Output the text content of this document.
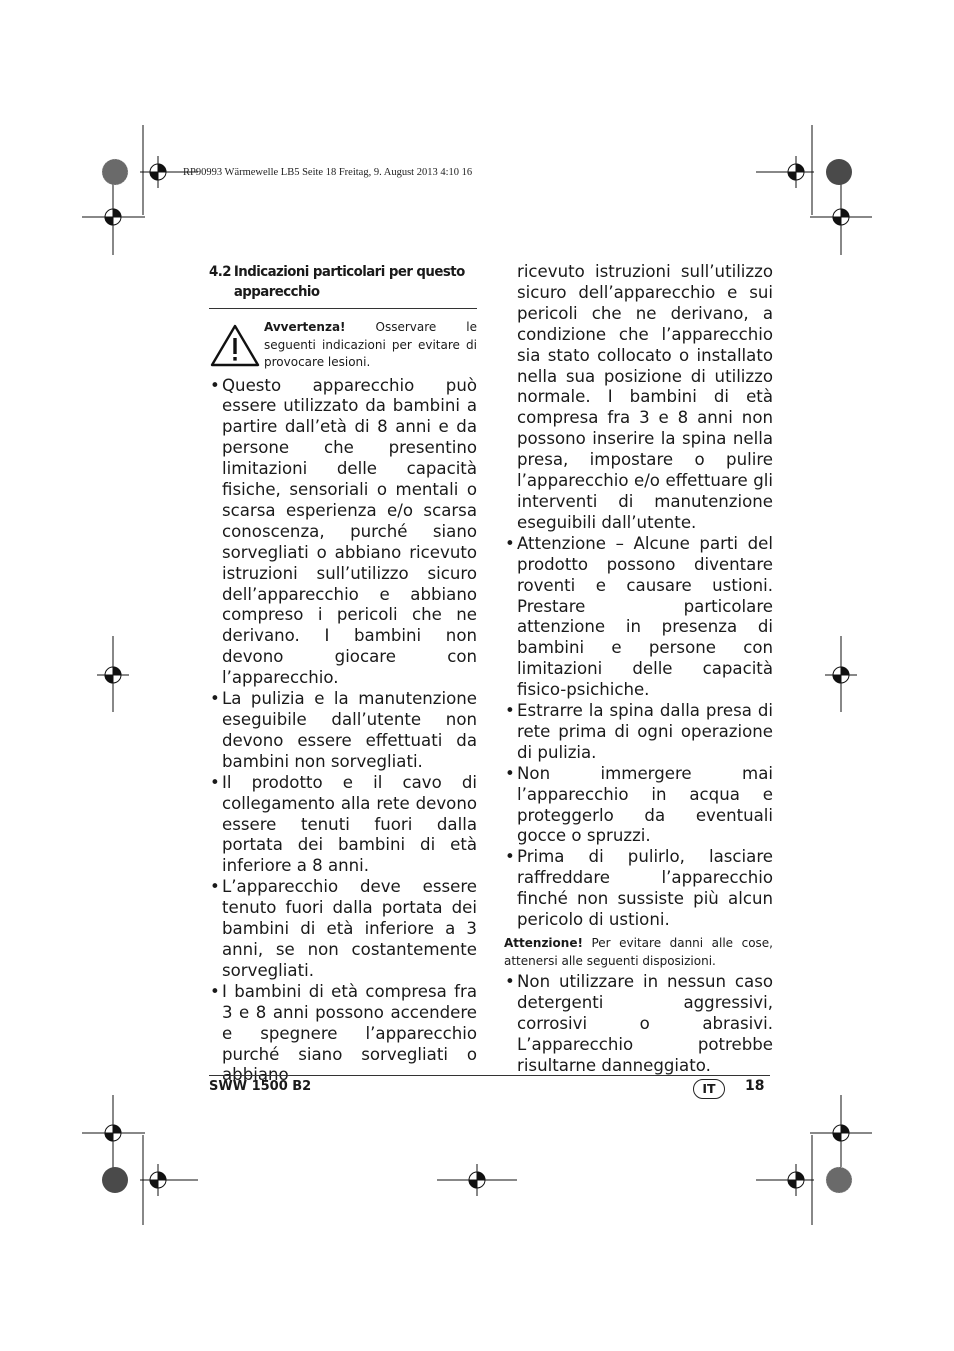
RP90993 Wärmewelle LB5 Seite 18 Freitag, 9. August 2013 4:10 16
4.2 Indicazioni particolari per questo
apparecchio
Avvertenza! Osservare le seguenti indicazioni per evitare di provocare lesioni.

• Questo apparecchio può essere utilizzato da bambini a partire dall’età di 8 anni e da persone che presentino limitazioni delle capacità fisiche, sensoriali o mentali o scarsa esperienza e/o scarsa conoscenza, purché siano sorvegliati o abbiano ricevuto istruzioni sull’utilizzo sicuro dell’apparecchio e abbiano compreso i pericoli che ne derivano. I bambini non devono giocare con l’apparecchio.

• La pulizia e la manutenzione eseguibile dall’utente non devono essere effettuati da bambini non sorvegliati.

• Il prodotto e il cavo di collegamento alla rete devono essere tenuti fuori dalla portata dei bambini di età inferiore a 8 anni.

• L’apparecchio deve essere tenuto fuori dalla portata dei bambini di età inferiore a 3 anni, se non costantemente sorvegliati.

• I bambini di età compresa fra 3 e 8 anni possono accendere e spegnere l’apparecchio purché siano sorvegliati o abbiano

ricevuto istruzioni sull’utilizzo sicuro dell’apparecchio e sui pericoli che ne derivano, a condizione che l’apparecchio sia stato collocato o installato nella sua posizione di utilizzo normale. I bambini di età compresa fra 3 e 8 anni non possono inserire la spina nella presa, impostare o pulire l’apparecchio e/o effettuare gli interventi di manutenzione eseguibili dall’utente.

• Attenzione – Alcune parti del prodotto possono diventare roventi e causare ustioni. Prestare particolare attenzione in presenza di bambini e persone con limitazioni delle capacità fisico-psichiche.

• Estrarre la spina dalla presa di rete prima di ogni operazione di pulizia.

• Non immergere mai l’apparecchio in acqua e proteggerlo da eventuali gocce o spruzzi.

• Prima di pulirlo, lasciare raffreddare l’apparecchio finché non sussiste più alcun pericolo di ustioni.

Attenzione! Per evitare danni alle cose, attenersi alle seguenti disposizioni.

• Non utilizzare in nessun caso detergenti aggressivi, corrosivi o abrasivi. L’apparecchio potrebbe risultarne danneggiato.

SWW 1500 B2	IT	18
